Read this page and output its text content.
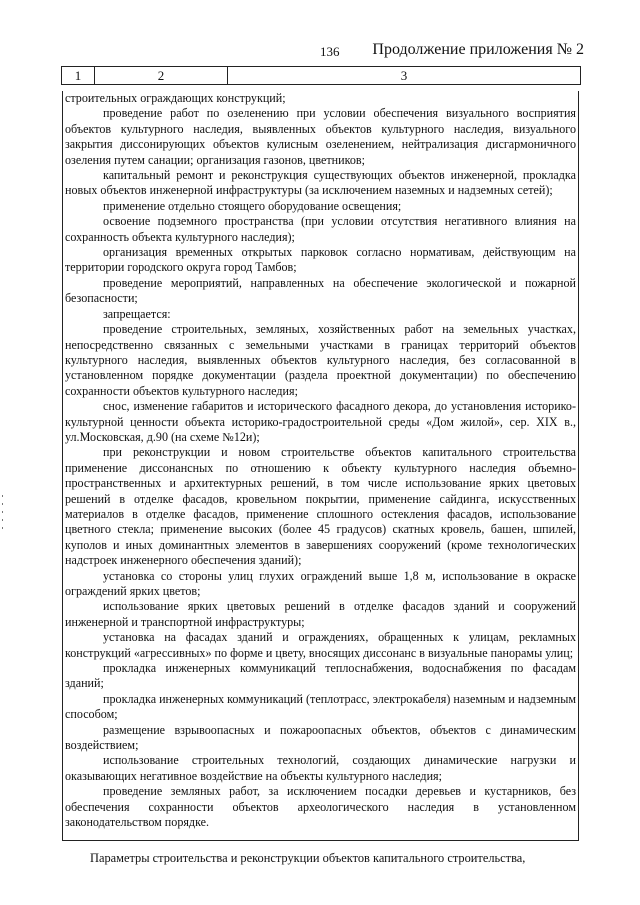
136 Продолжение приложения № 2
1	2	3

строительных ограждающих конструкций;

проведение работ по озеленению при условии обеспечения визуального восприятия объектов культурного наследия, выявленных объектов культурного наследия, визуального закрытия диссонирующих объектов кулисным озеленением, нейтрализация дисгармоничного озеления путем санации; организация газонов, цветников;

капитальный ремонт и реконструкция существующих объектов инженерной, прокладка новых объектов инженерной инфраструктуры (за исключением наземных и надземных сетей);

применение отдельно стоящего оборудование освещения;

освоение подземного пространства (при условии отсутствия негативного влияния на сохранность объекта культурного наследия);

организация временных открытых парковок согласно нормативам, действующим на территории городского округа город Тамбов;

проведение мероприятий, направленных на обеспечение экологической и пожарной безопасности;

запрещается:

проведение строительных, земляных, хозяйственных работ на земельных участках, непосредственно связанных с земельными участками в границах территорий объектов культурного наследия, выявленных объектов культурного наследия, без согласованной в установленном порядке документации (раздела проектной документации) по обеспечению сохранности объектов культурного наследия;

снос, изменение габаритов и исторического фасадного декора, до установления историко-культурной ценности объекта историко-градостроительной среды «Дом жилой», сер. XIX в., ул.Московская, д.90 (на схеме №12и);

при реконструкции и новом строительстве объектов капитального строительства применение диссонансных по отношению к объекту культурного наследия объемно-пространственных и архитектурных решений, в том числе использование ярких цветовых решений в отделке фасадов, кровельном покрытии, применение сайдинга, искусственных материалов в отделке фасадов, применение сплошного остекления фасадов, использование цветного стекла; применение высоких (более 45 градусов) скатных кровель, башен, шпилей, куполов и иных доминантных элементов в завершениях сооружений (кроме технологических надстроек инженерного обеспечения зданий);

установка со стороны улиц глухих ограждений выше 1,8 м, использование в окраске ограждений ярких цветов;

использование ярких цветовых решений в отделке фасадов зданий и сооружений инженерной и транспортной инфраструктуры;

установка на фасадах зданий и ограждениях, обращенных к улицам, рекламных конструкций «агрессивных» по форме и цвету, вносящих диссонанс в визуальные панорамы улиц;

прокладка инженерных коммуникаций теплоснабжения, водоснабжения по фасадам зданий;

прокладка инженерных коммуникаций (теплотрасс, электрокабеля) наземным и надземным способом;

размещение взрывоопасных и пожароопасных объектов, объектов с динамическим воздействием;

использование строительных технологий, создающих динамические нагрузки и оказывающих негативное воздействие на объекты культурного наследия;

проведение земляных работ, за исключением посадки деревьев и кустарников, без обеспечения сохранности объектов археологического наследия в установленном законодательством порядке.

Параметры строительства и реконструкции объектов капитального строительства,
